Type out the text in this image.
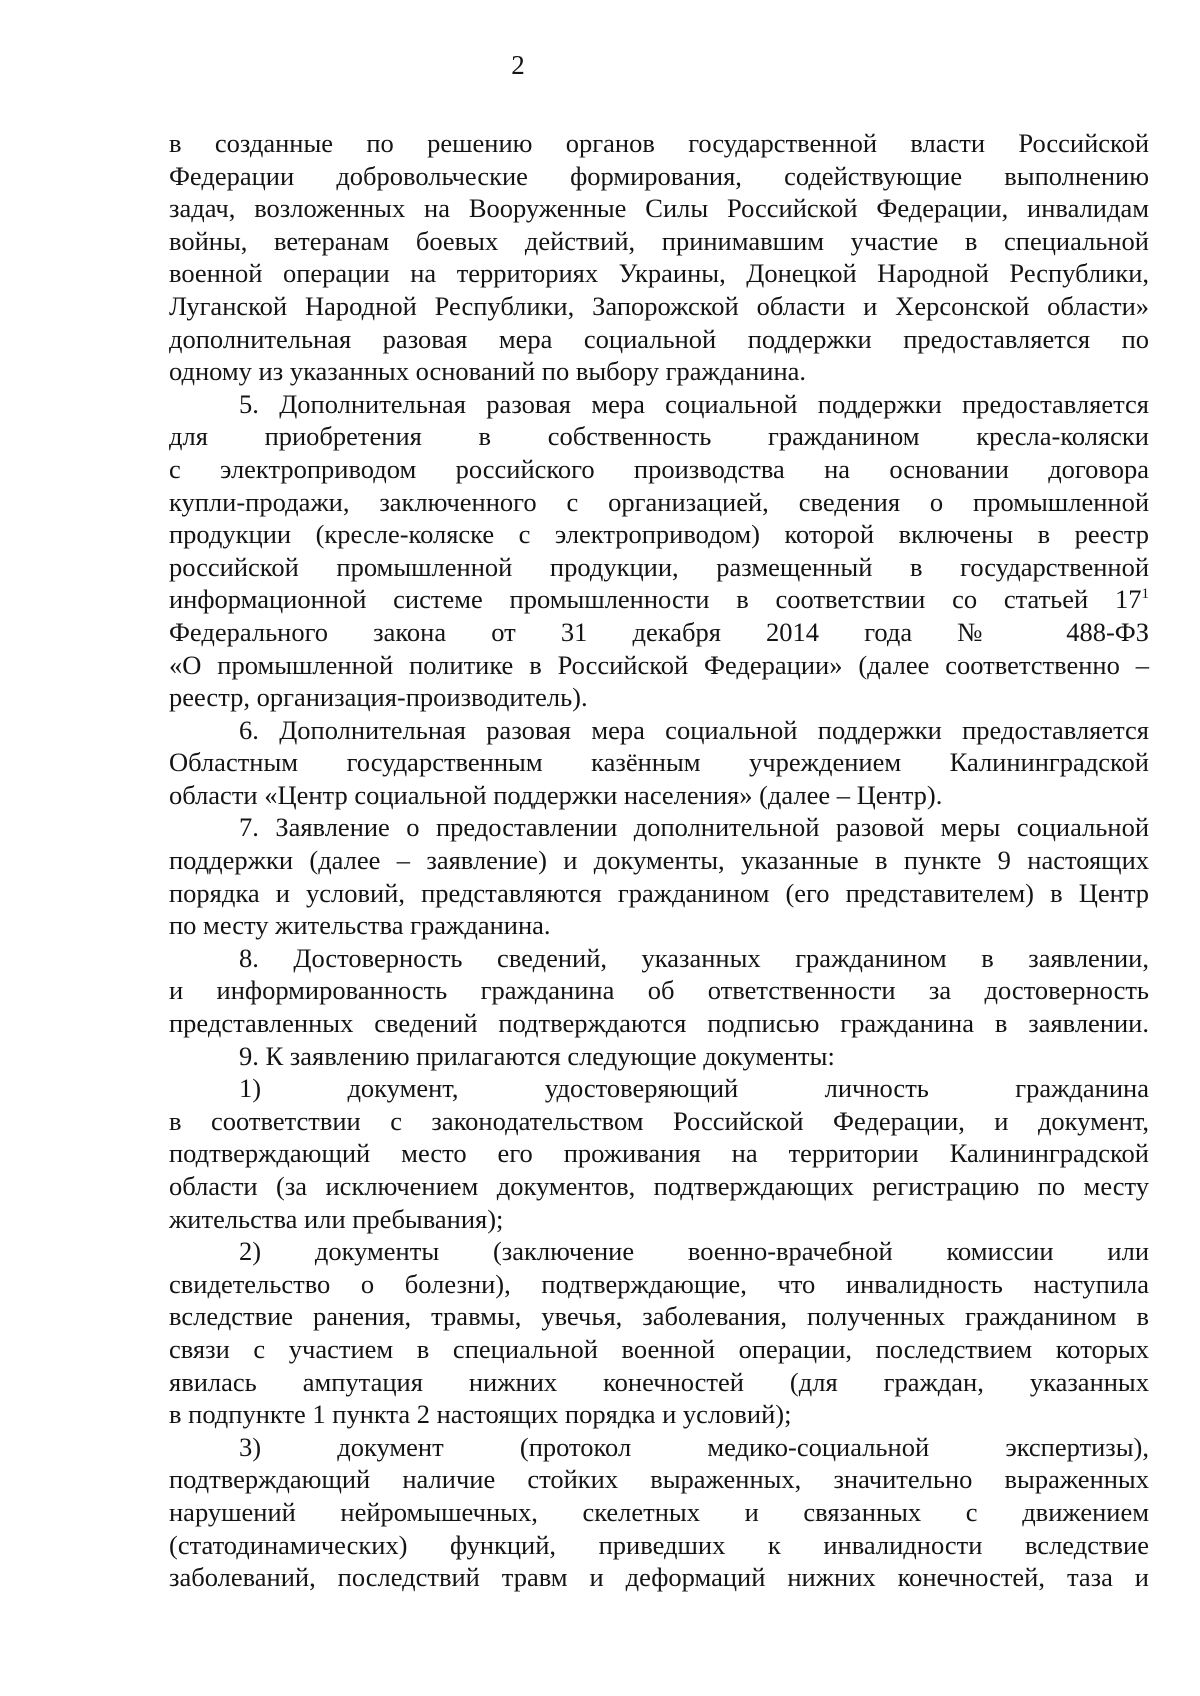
2
в созданные по решению органов государственной власти Российской
Федерации добровольческие формирования, содействующие выполнению
задач, возложенных на Вооруженные Силы Российской Федерации, инвалидам
войны, ветеранам боевых действий, принимавшим участие в специальной
военной операции на территориях Украины, Донецкой Народной Республики,
Луганской Народной Республики, Запорожской области и Херсонской области»
дополнительная разовая мера социальной поддержки предоставляется по
одному из указанных оснований по выбору гражданина.
5. Дополнительная разовая мера социальной поддержки предоставляется
для приобретения в собственность гражданином кресла-коляски
с электроприводом российского производства на основании договора
купли-продажи, заключенного с организацией, сведения о промышленной
продукции (кресле-коляске с электроприводом) которой включены в реестр
российской промышленной продукции, размещенный в государственной
информационной системе промышленности в соответствии со статьей $17^1$
Федерального закона от 31 декабря 2014 года № 488-ФЗ
«О промышленной политике в Российской Федерации» (далее соответственно –
реестр, организация-производитель).
6. Дополнительная разовая мера социальной поддержки предоставляется
Областным государственным казённым учреждением Калининградской
области «Центр социальной поддержки населения» (далее – Центр).
7. Заявление о предоставлении дополнительной разовой меры социальной
поддержки (далее – заявление) и документы, указанные в пункте 9 настоящих
порядка и условий, представляются гражданином (его представителем) в Центр
по месту жительства гражданина.
8. Достоверность сведений, указанных гражданином в заявлении,
и информированность гражданина об ответственности за достоверность
представленных сведений подтверждаются подписью гражданина в заявлении.
9. К заявлению прилагаются следующие документы:
1) документ, удостоверяющий личность гражданина
в соответствии с законодательством Российской Федерации, и документ,
подтверждающий место его проживания на территории Калининградской
области (за исключением документов, подтверждающих регистрацию по месту
жительства или пребывания);
2) документы (заключение военно-врачебной комиссии или
свидетельство о болезни), подтверждающие, что инвалидность наступила
вследствие ранения, травмы, увечья, заболевания, полученных гражданином в
связи с участием в специальной военной операции, последствием которых
явилась ампутация нижних конечностей (для граждан, указанных
в подпункте 1 пункта 2 настоящих порядка и условий);
3) документ (протокол медико-социальной экспертизы),
подтверждающий наличие стойких выраженных, значительно выраженных
нарушений нейромышечных, скелетных и связанных с движением
(статодинамических) функций, приведших к инвалидности вследствие
заболеваний, последствий травм и деформаций нижних конечностей, таза и
